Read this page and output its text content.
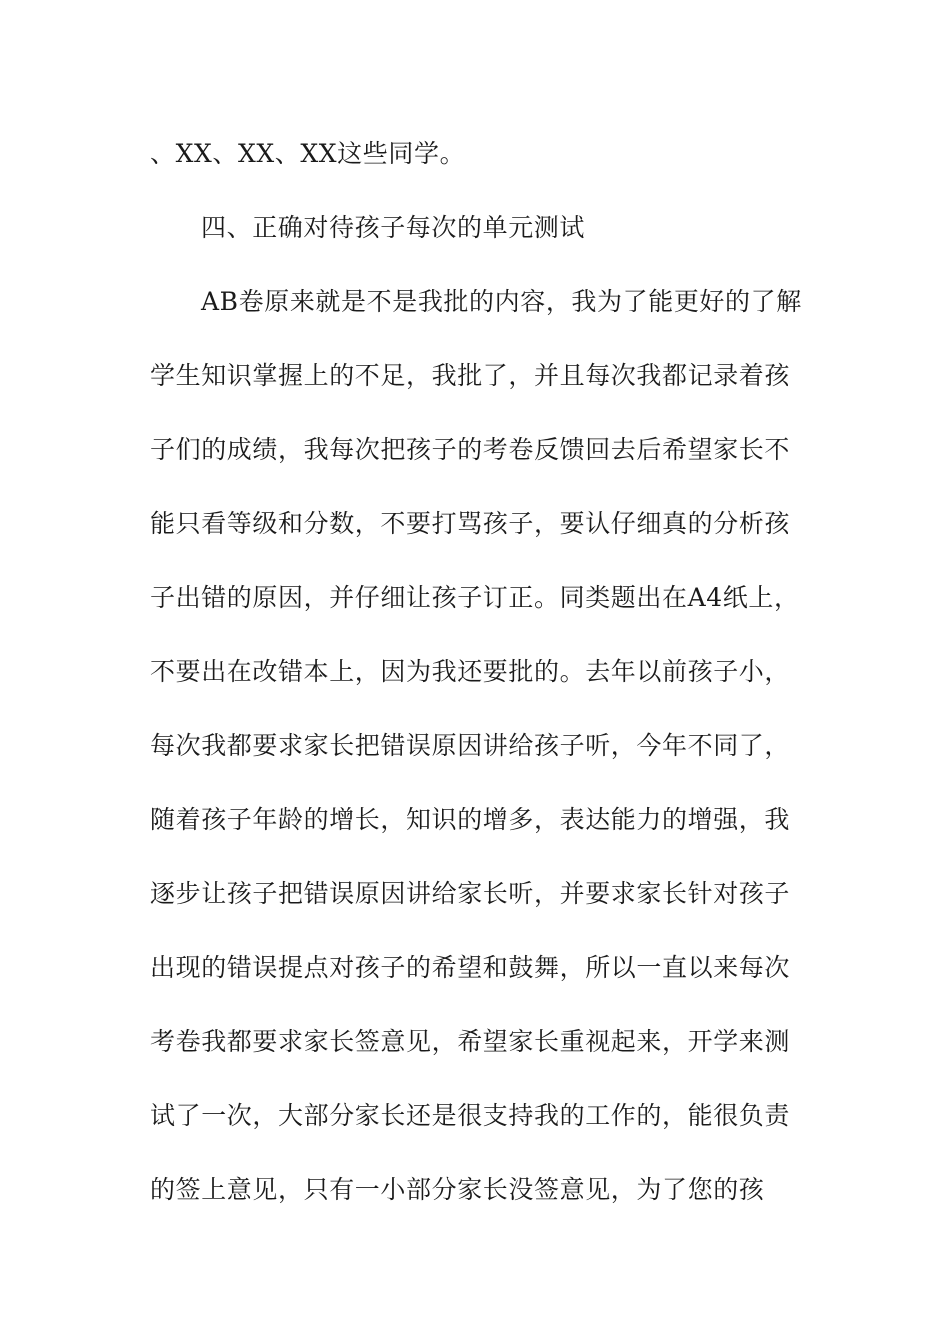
、XX、XX、XX这些同学。
四、正确对待孩子每次的单元测试
AB卷原来就是不是我批的内容，我为了能更好的了解
学生知识掌握上的不足，我批了，并且每次我都记录着孩
子们的成绩，我每次把孩子的考卷反馈回去后希望家长不
能只看等级和分数，不要打骂孩子，要认仔细真的分析孩
子出错的原因，并仔细让孩子订正。同类题出在A4纸上，
不要出在改错本上，因为我还要批的。去年以前孩子小，
每次我都要求家长把错误原因讲给孩子听，今年不同了，
随着孩子年龄的增长，知识的增多，表达能力的增强，我
逐步让孩子把错误原因讲给家长听，并要求家长针对孩子
出现的错误提点对孩子的希望和鼓舞，所以一直以来每次
考卷我都要求家长签意见，希望家长重视起来，开学来测
试了一次，大部分家长还是很支持我的工作的，能很负责
的签上意见，只有一小部分家长没签意见，为了您的孩
